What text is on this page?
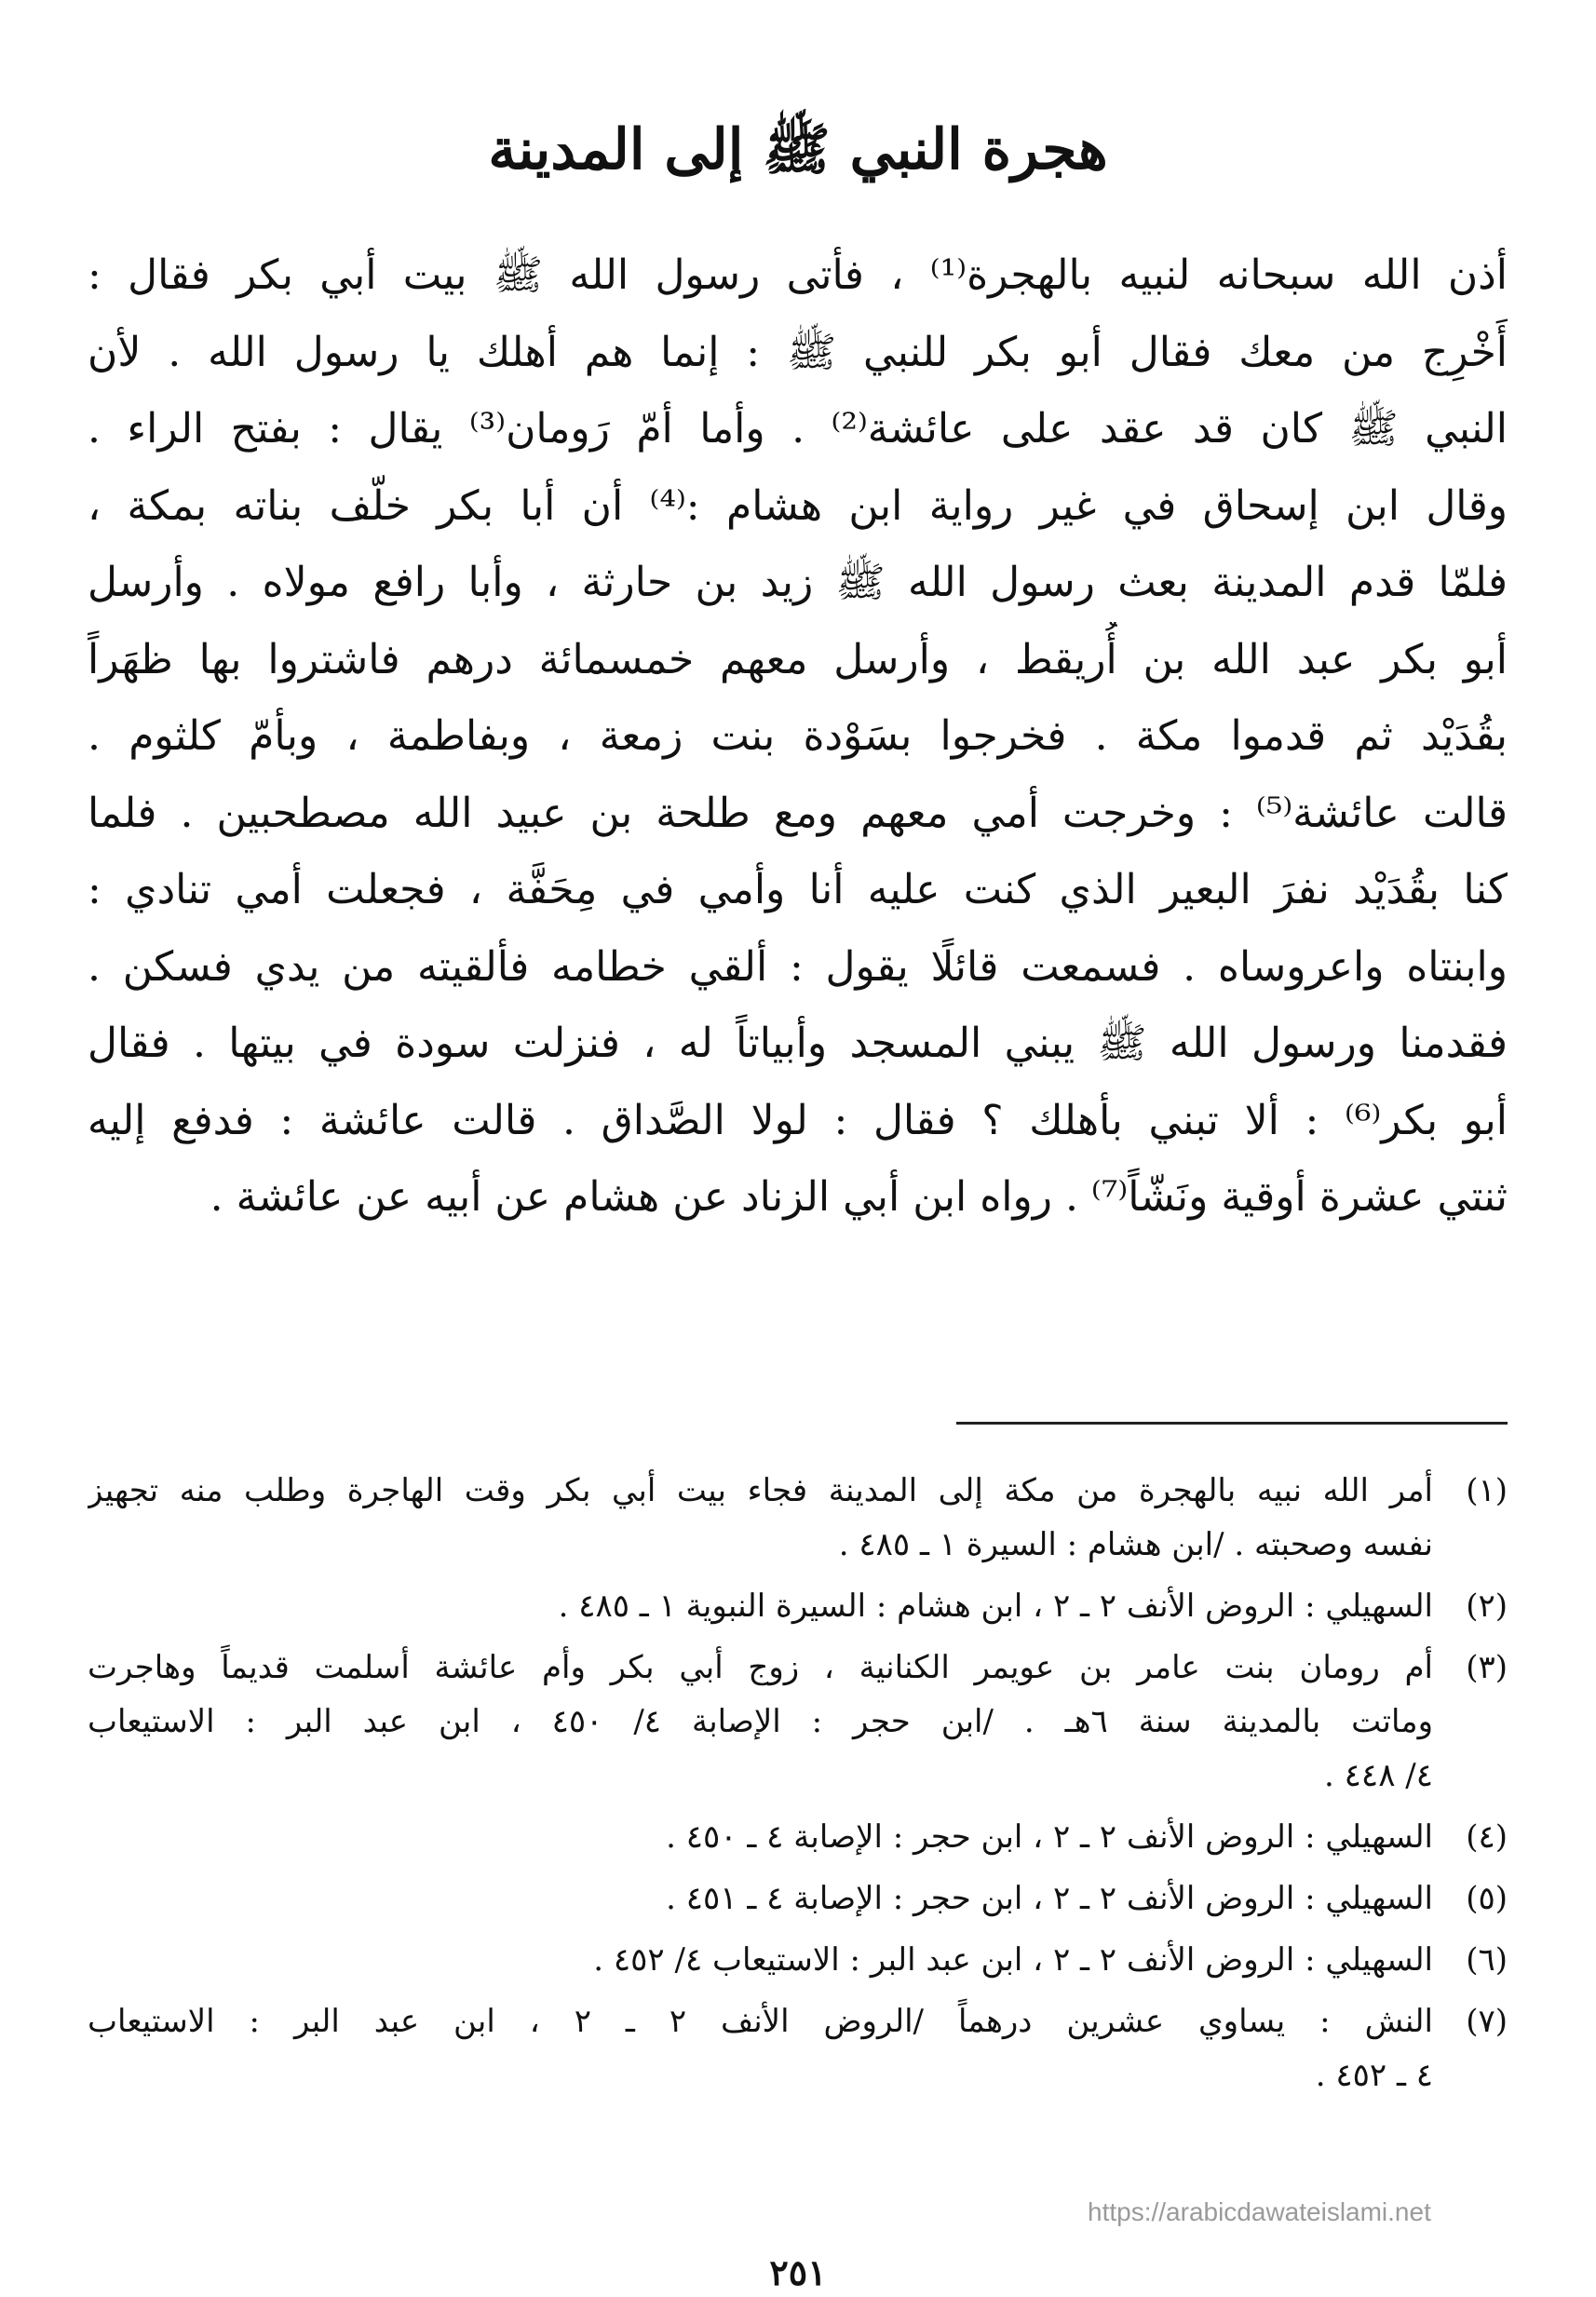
هجرة النبي ﷺ إلى المدينة
أذن الله سبحانه لنبيه بالهجرة⁽¹⁾ ، فأتى رسول الله ﷺ بيت أبي بكر فقال :
أَخْرِج من معك فقال أبو بكر للنبي ﷺ : إنما هم أهلك يا رسول الله . لأن
النبي ﷺ كان قد عقد على عائشة⁽²⁾ . وأما أمّ رَومان⁽³⁾ يقال : بفتح الراء .
وقال ابن إسحاق في غير رواية ابن هشام :⁽⁴⁾ أن أبا بكر خلّف بناته بمكة ،
فلمّا قدم المدينة بعث رسول الله ﷺ زيد بن حارثة ، وأبا رافع مولاه . وأرسل
أبو بكر عبد الله بن أُريقط ، وأرسل معهم خمسمائة درهم فاشتروا بها ظهَراً
بقُدَيْد ثم قدموا مكة . فخرجوا بسَوْدة بنت زمعة ، وبفاطمة ، وبأمّ كلثوم .
قالت عائشة⁽⁵⁾ : وخرجت أمي معهم ومع طلحة بن عبيد الله مصطحبين . فلما
كنا بقُدَيْد نفرَ البعير الذي كنت عليه أنا وأمي في مِحَفَّة ، فجعلت أمي تنادي :
وابنتاه واعروساه . فسمعت قائلًا يقول : ألقي خطامه فألقيته من يدي فسكن .
فقدمنا ورسول الله ﷺ يبني المسجد وأبياتاً له ، فنزلت سودة في بيتها . فقال
أبو بكر⁽⁶⁾ : ألا تبني بأهلك ؟ فقال : لولا الصَّداق . قالت عائشة : فدفع إليه
ثنتي عشرة أوقية ونَشّاً⁽⁷⁾ . رواه ابن أبي الزناد عن هشام عن أبيه عن عائشة .
(١)
أمر الله نبيه بالهجرة من مكة إلى المدينة فجاء بيت أبي بكر وقت الهاجرة وطلب منه تجهيز
نفسه وصحبته . /ابن هشام : السيرة ١ ـ ٤٨٥ .
(٢)
السهيلي : الروض الأنف ٢ ـ ٢ ، ابن هشام : السيرة النبوية ١ ـ ٤٨٥ .
(٣)
أم رومان بنت عامر بن عويمر الكنانية ، زوج أبي بكر وأم عائشة أسلمت قديماً وهاجرت
وماتت بالمدينة سنة ٦هـ . /ابن حجر : الإصابة ٤/ ٤٥٠ ، ابن عبد البر : الاستيعاب
٤/ ٤٤٨ .
(٤)
السهيلي : الروض الأنف ٢ ـ ٢ ، ابن حجر : الإصابة ٤ ـ ٤٥٠ .
(٥)
السهيلي : الروض الأنف ٢ ـ ٢ ، ابن حجر : الإصابة ٤ ـ ٤٥١ .
(٦)
السهيلي : الروض الأنف ٢ ـ ٢ ، ابن عبد البر : الاستيعاب ٤/ ٤٥٢ .
(٧)
النش : يساوي عشرين درهماً /الروض الأنف ٢ ـ ٢ ، ابن عبد البر : الاستيعاب
٤ ـ ٤٥٢ .
https://arabicdawateislami.net
٢٥١
